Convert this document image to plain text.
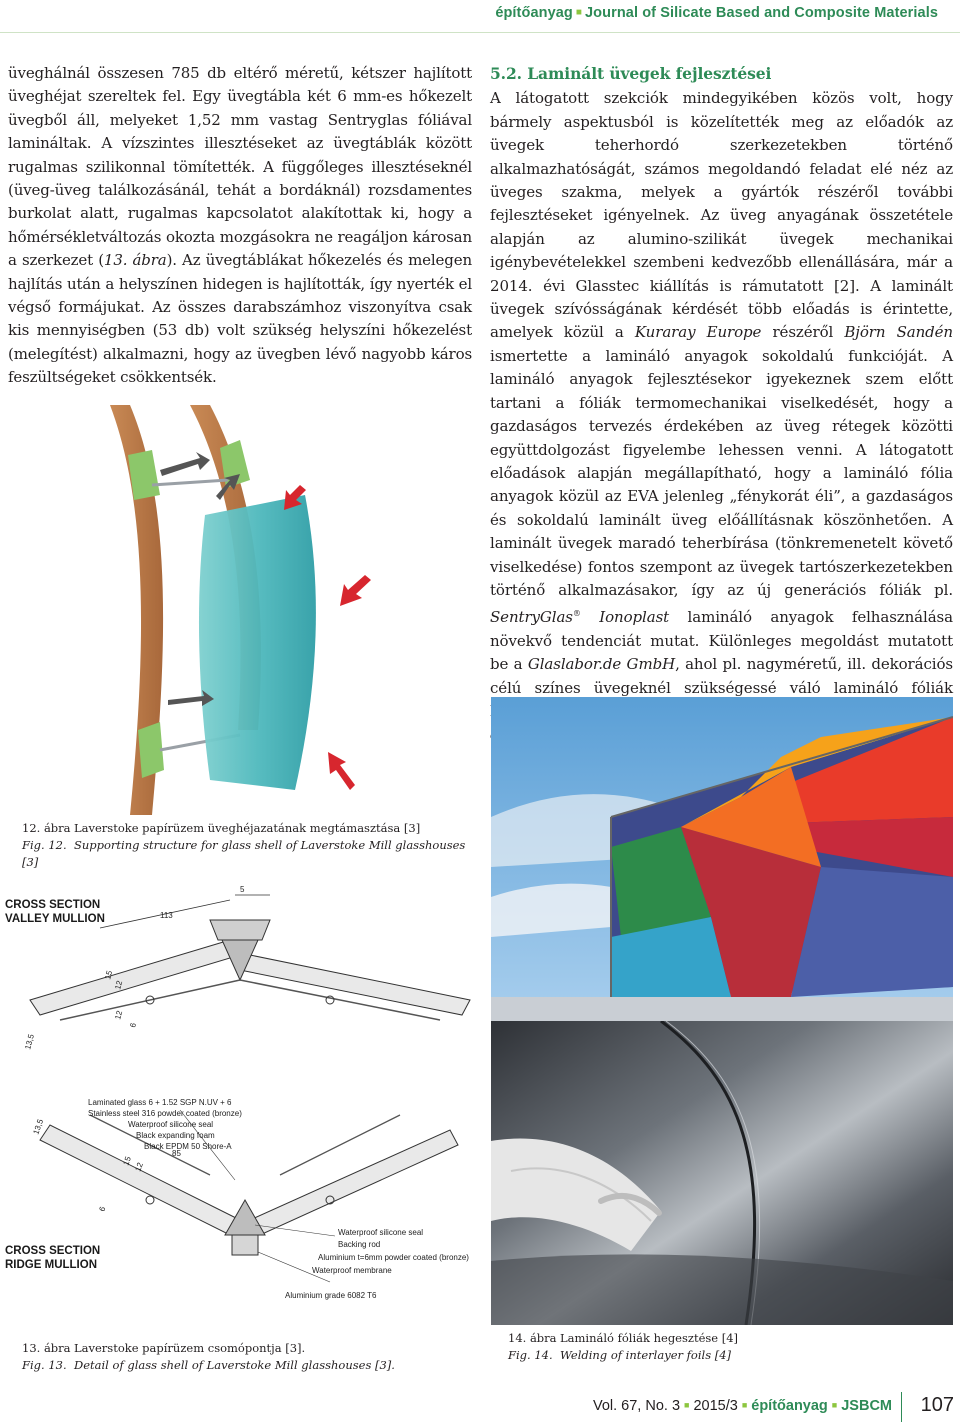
építőanyag ■ Journal of Silicate Based and Composite Materials

üveghálnál összesen 785 db eltérő méretű, kétszer hajlított üveghéjat szereltek fel. Egy üvegtábla két 6 mm-es hőkezelt üvegből áll, melyeket 1,52 mm vastag Sentryglas fóliával lamináltak. A vízszintes illesztéseket az üvegtáblák között rugalmas szilikonnal tömítették. A függőleges illesztéseknél (üveg-üveg találkozásánál, tehát a bordáknál) rozsdamentes burkolat alatt, rugalmas kapcsolatot alakítottak ki, hogy a hőmérsékletváltozás okozta mozgásokra ne reagáljon károsan a szerkezet (13. ábra). Az üvegtáblákat hőkezelés és melegen hajlítás után a helyszínen hidegen is hajlították, így nyerték el végső formájukat. Az összes darabszámhoz viszonyítva csak kis mennyiségben (53 db) volt szükség helyszíni hőkezelést (melegítést) alkalmazni, hogy az üvegben lévő nagyobb káros feszültségeket csökkentsék.

5.2. Laminált üvegek fejlesztései

A látogatott szekciók mindegyikében közös volt, hogy bármely aspektusból is közelítették meg az előadók az üvegek teherhordó szerkezetekben történő alkalmazhatóságát, számos megoldandó feladat elé néz az üveges szakma, melyek a gyártók részéről további fejlesztéseket igényelnek. Az üveg anyagának összetétele alapján az alumino-szilikát üvegek mechanikai igénybevételekkel szembeni kedvezőbb ellenállására, már a 2014. évi Glasstec kiállítás is rámutatott [2]. A laminált üvegek szívósságának kérdését több előadás is érintette, amelyek közül a Kuraray Europe részéről Björn Sandén ismertette a lamináló anyagok sokoldalú funkcióját. A lamináló anyagok fejlesztésekor igyekeznek szem előtt tartani a fóliák termomechanikai viselkedését, hogy a gazdaságos tervezés érdekében az üveg rétegek közötti együttdolgozást figyelembe lehessen venni. A látogatott előadások alapján megállapítható, hogy a lamináló fólia anyagok közül az EVA jelenleg „fénykorát éli”, a gazdaságos és sokoldalú laminált üveg előállításnak köszönhetően. A laminált üvegek maradó teherbírása (tönkremenetelt követő viselkedése) fontos szempont az üvegek tartószerkezetekben történő alkalmazásakor, így az új generációs fóliák pl. SentryGlas® Ionoplast lamináló anyagok felhasználása növekvő tendenciát mutat. Különleges megoldást mutatott be a Glaslabor.de GmbH, ahol pl. nagyméretű, ill. dekorációs célú színes üvegeknél szükségessé váló lamináló fóliák

12. ábra Laverstoke papírüzem üveghéjazatának megtámasztása [3]
Fig. 12. Supporting structure for glass shell of Laverstoke Mill glasshouses [3]
CROSS SECTION
VALLEY MULLION
5
113
15
12
12
6
13,5
13,5
85
15
12
6
Laminated glass 6 + 1.52 SGP N.UV + 6
Stainless steel 316 powder coated (bronze)
Waterproof silicone seal
Black expanding foam
Black EPDM 50 Shore-A
Waterproof silicone seal
Backing rod
Aluminium t=6mm powder coated (bronze)
Waterproof membrane
Aluminium grade 6082 T6
CROSS SECTION
RIDGE MULLION
13. ábra Laverstoke papírüzem csomópontja [3].
Fig. 13. Detail of glass shell of Laverstoke Mill glasshouses [3].
14. ábra Lamináló fóliák hegesztése [4]
Fig. 14. Welding of interlayer foils [4]
Vol. 67, No. 3 ■ 2015/3 ■ építőanyag ■ JSBCM 107
